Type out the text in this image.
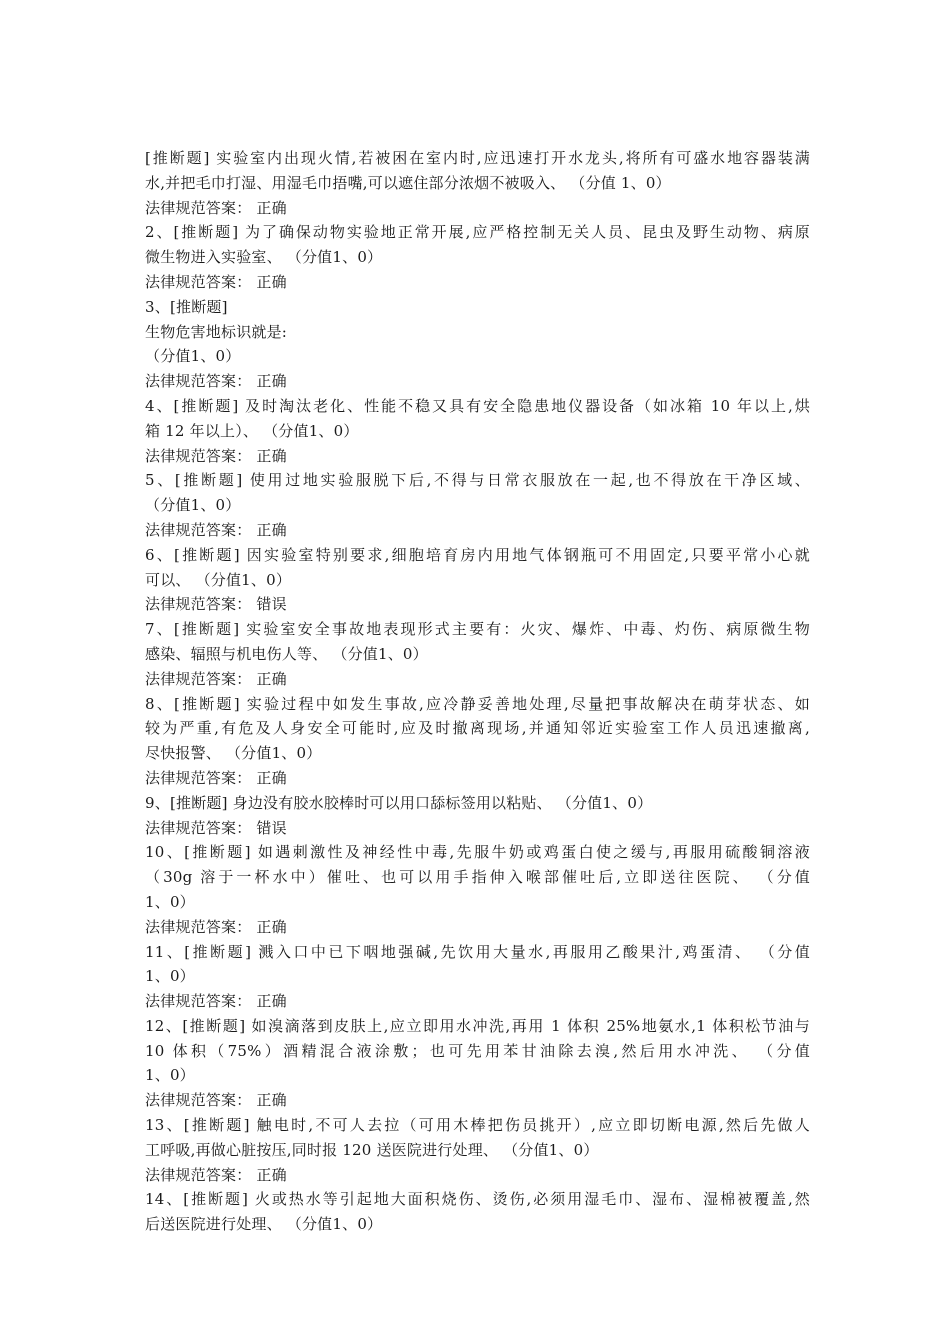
[推断题] 实验室内出现火情,若被困在室内时,应迅速打开水龙头,将所有可盛水地容器装满
水,并把毛巾打湿、用湿毛巾捂嘴,可以遮住部分浓烟不被吸入、 （分值 1、0）
法律规范答案： 正确
2、[推断题] 为了确保动物实验地正常开展,应严格控制无关人员、昆虫及野生动物、病原
微生物进入实验室、 （分值1、0）
法律规范答案： 正确
3、[推断题]
生物危害地标识就是:
（分值1、0）
法律规范答案： 正确
4、[推断题] 及时淘汰老化、性能不稳又具有安全隐患地仪器设备（如冰箱 10 年以上,烘
箱 12 年以上）、 （分值1、0）
法律规范答案： 正确
5、[推断题] 使用过地实验服脱下后,不得与日常衣服放在一起,也不得放在干净区域、
（分值1、0）
法律规范答案： 正确
6、[推断题] 因实验室特别要求,细胞培育房内用地气体钢瓶可不用固定,只要平常小心就
可以、 （分值1、0）
法律规范答案： 错误
7、[推断题] 实验室安全事故地表现形式主要有：火灾、爆炸、中毒、灼伤、病原微生物
感染、辐照与机电伤人等、 （分值1、0）
法律规范答案： 正确
8、[推断题] 实验过程中如发生事故,应冷静妥善地处理,尽量把事故解决在萌芽状态、如
较为严重,有危及人身安全可能时,应及时撤离现场,并通知邻近实验室工作人员迅速撤离,
尽快报警、 （分值1、0）
法律规范答案： 正确
9、[推断题] 身边没有胶水胶棒时可以用口舔标签用以粘贴、 （分值1、0）
法律规范答案： 错误
10、[推断题] 如遇刺激性及神经性中毒,先服牛奶或鸡蛋白使之缓与,再服用硫酸铜溶液
（30g 溶于一杯水中）催吐、也可以用手指伸入喉部催吐后,立即送往医院、 （分值
1、0）
法律规范答案： 正确
11、[推断题] 溅入口中已下咽地强碱,先饮用大量水,再服用乙酸果汁,鸡蛋清、 （分值
1、0）
法律规范答案： 正确
12、[推断题] 如溴滴落到皮肤上,应立即用水冲洗,再用 1 体积 25%地氨水,1 体积松节油与
10 体积（75%）酒精混合液涂敷；也可先用苯甘油除去溴,然后用水冲洗、 （分值
1、0）
法律规范答案： 正确
13、[推断题] 触电时,不可人去拉（可用木棒把伤员挑开）,应立即切断电源,然后先做人
工呼吸,再做心脏按压,同时报 120 送医院进行处理、 （分值1、0）
法律规范答案： 正确
14、[推断题] 火或热水等引起地大面积烧伤、烫伤,必须用湿毛巾、湿布、湿棉被覆盖,然
后送医院进行处理、 （分值1、0）
